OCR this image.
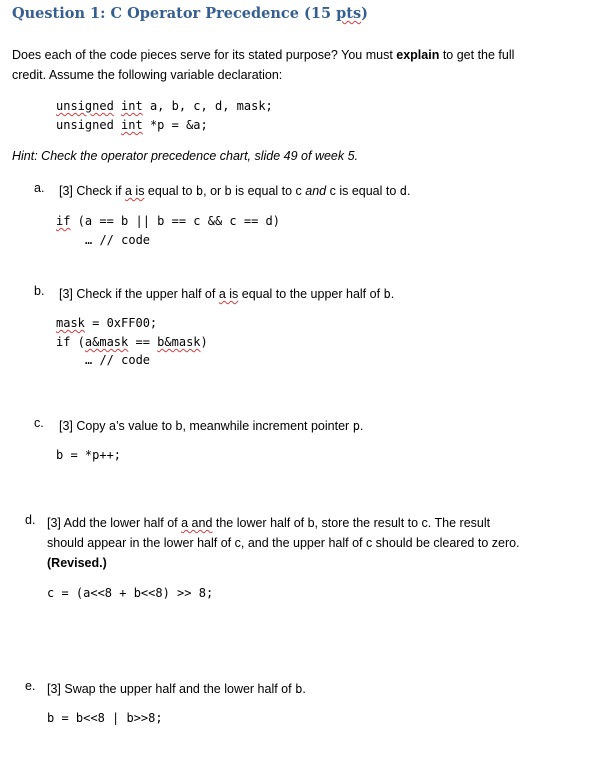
Question 1: C Operator Precedence (15 pts)
Does each of the code pieces serve for its stated purpose? You must explain to get the full
credit. Assume the following variable declaration:
unsigned int a, b, c, d, mask;
unsigned int *p = &a;
Hint: Check the operator precedence chart, slide 49 of week 5.
a. [3] Check if a is equal to b, or b is equal to c and c is equal to d.
if (a == b || b == c && c == d)
… // code
b. [3] Check if the upper half of a is equal to the upper half of b.
mask = 0xFF00;
if (a&mask == b&mask)
… // code
c. [3] Copy a’s value to b, meanwhile increment pointer p.
b = *p++;
d. [3] Add the lower half of a and the lower half of b, store the result to c. The result
should appear in the lower half of c, and the upper half of c should be cleared to zero.
(Revised.)
c = (a<<8 + b<<8) >> 8;
e. [3] Swap the upper half and the lower half of b.
b = b<<8 | b>>8;
